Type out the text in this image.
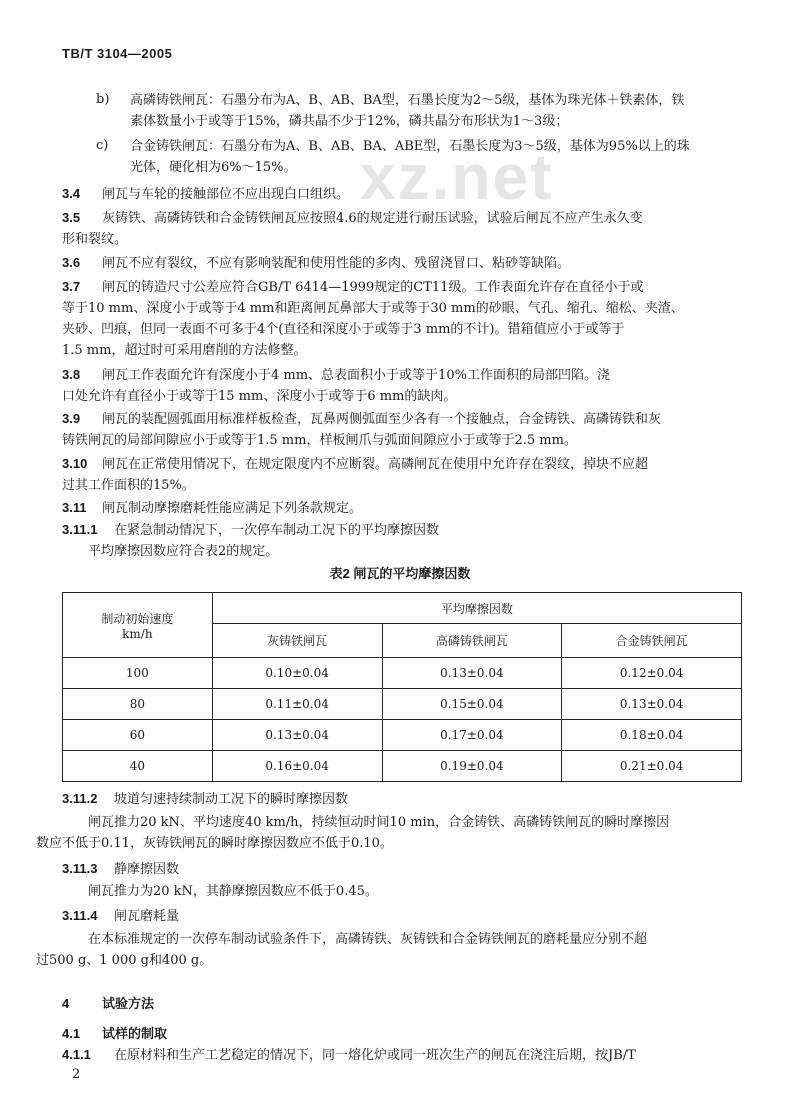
TB/T 3104—2005
xz.net
b)	高磷铸铁闸瓦：石墨分布为A、B、AB、BA型，石墨长度为2～5级，基体为珠光体＋铁素体，铁
素体数量小于或等于15%，磷共晶不少于12%，磷共晶分布形状为1～3级；
c)	合金铸铁闸瓦：石墨分布为A、B、AB、BA、ABE型，石墨长度为3～5级，基体为95%以上的珠
光体，硬化相为6%～15%。
3.4 闸瓦与车轮的接触部位不应出现白口组织。
3.5 灰铸铁、高磷铸铁和合金铸铁闸瓦应按照4.6的规定进行耐压试验，试验后闸瓦不应产生永久变
形和裂纹。
3.6 闸瓦不应有裂纹，不应有影响装配和使用性能的多肉、残留浇冒口、粘砂等缺陷。
3.7 闸瓦的铸造尺寸公差应符合GB/T 6414—1999规定的CT11级。工作表面允许存在直径小于或
等于10 mm、深度小于或等于4 mm和距离闸瓦鼻部大于或等于30 mm的砂眼、气孔、缩孔、缩松、夹渣、
夹砂、凹痕，但同一表面不可多于4个(直径和深度小于或等于3 mm的不计)。错箱值应小于或等于
1.5 mm，超过时可采用磨削的方法修整。
3.8 闸瓦工作表面允许有深度小于4 mm、总表面积小于或等于10%工作面积的局部凹陷。浇
口处允许有直径小于或等于15 mm、深度小于或等于6 mm的缺肉。
3.9 闸瓦的装配圆弧面用标准样板检查，瓦鼻两侧弧面至少各有一个接触点，合金铸铁、高磷铸铁和灰
铸铁闸瓦的局部间隙应小于或等于1.5 mm，样板闸爪与弧面间隙应小于或等于2.5 mm。
3.10 闸瓦在正常使用情况下，在规定限度内不应断裂。高磷闸瓦在使用中允许存在裂纹，掉块不应超
过其工作面积的15%。
3.11 闸瓦制动摩擦磨耗性能应满足下列条款规定。
3.11.1 在紧急制动情况下，一次停车制动工况下的平均摩擦因数
平均摩擦因数应符合表2的规定。
表2 闸瓦的平均摩擦因数
制动初始速度
km/h	平均摩擦因数		
	灰铸铁闸瓦	高磷铸铁闸瓦	合金铸铁闸瓦
100	0.10±0.04	0.13±0.04	0.12±0.04
80	0.11±0.04	0.15±0.04	0.13±0.04
60	0.13±0.04	0.17±0.04	0.18±0.04
40	0.16±0.04	0.19±0.04	0.21±0.04
3.11.2 坡道匀速持续制动工况下的瞬时摩擦因数
闸瓦推力20 kN、平均速度40 km/h，持续恒动时间10 min，合金铸铁、高磷铸铁闸瓦的瞬时摩擦因
数应不低于0.11，灰铸铁闸瓦的瞬时摩擦因数应不低于0.10。
3.11.3 静摩擦因数
闸瓦推力为20 kN，其静摩擦因数应不低于0.45。
3.11.4 闸瓦磨耗量
在本标准规定的一次停车制动试验条件下，高磷铸铁、灰铸铁和合金铸铁闸瓦的磨耗量应分别不超
过500 g、1 000 g和400 g。
4	试验方法
4.1 试样的制取
4.1.1 在原材料和生产工艺稳定的情况下，同一熔化炉或同一班次生产的闸瓦在浇注后期，按JB/T
2
